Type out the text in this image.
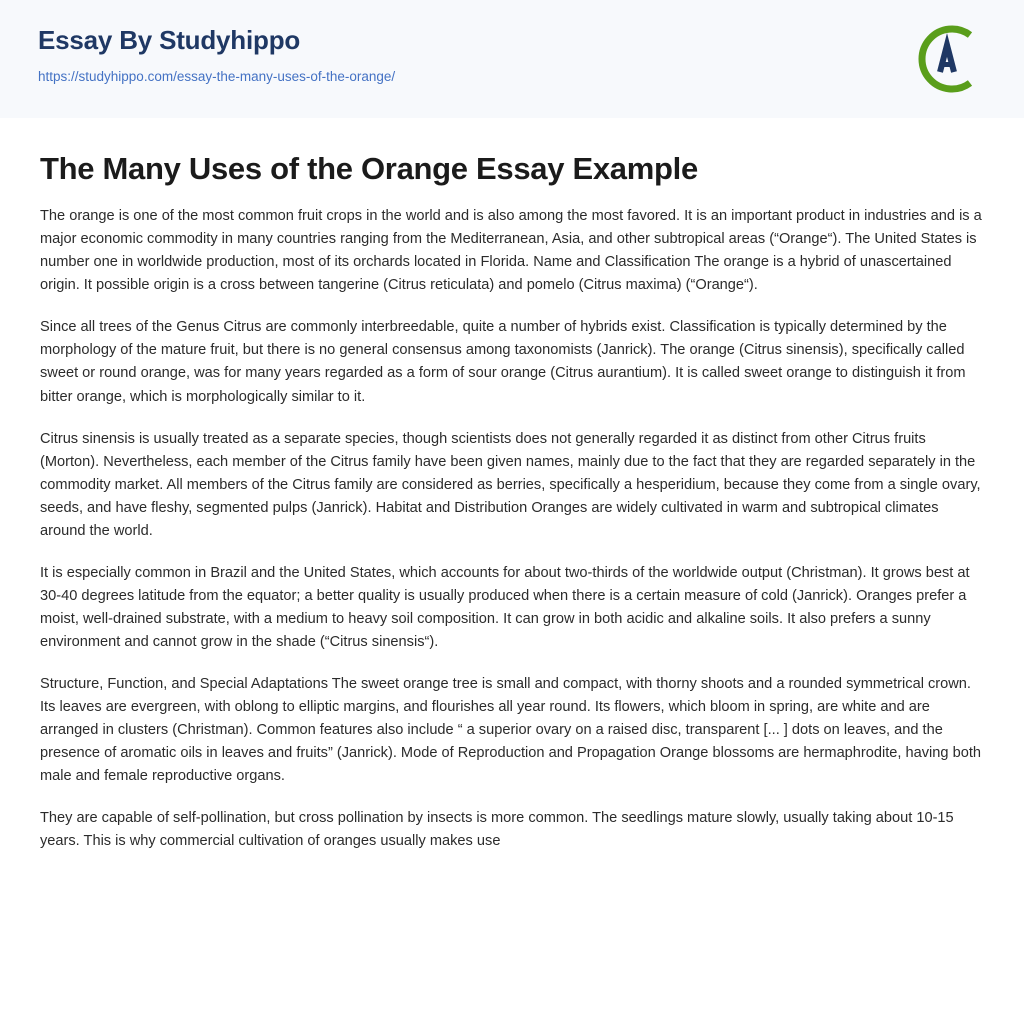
Essay By Studyhippo
https://studyhippo.com/essay-the-many-uses-of-the-orange/
The Many Uses of the Orange Essay Example

The orange is one of the most common fruit crops in the world and is also among the most favored. It is an important product in industries and is a major economic commodity in many countries ranging from the Mediterranean, Asia, and other subtropical areas (“Orange“). The United States is number one in worldwide production, most of its orchards located in Florida. Name and Classification The orange is a hybrid of unascertained origin. It possible origin is a cross between tangerine (Citrus reticulata) and pomelo (Citrus maxima) (“Orange“).

Since all trees of the Genus Citrus are commonly interbreedable, quite a number of hybrids exist. Classification is typically determined by the morphology of the mature fruit, but there is no general consensus among taxonomists (Janrick). The orange (Citrus sinensis), specifically called sweet or round orange, was for many years regarded as a form of sour orange (Citrus aurantium). It is called sweet orange to distinguish it from bitter orange, which is morphologically similar to it.

Citrus sinensis is usually treated as a separate species, though scientists does not generally regarded it as distinct from other Citrus fruits (Morton). Nevertheless, each member of the Citrus family have been given names, mainly due to the fact that they are regarded separately in the commodity market. All members of the Citrus family are considered as berries, specifically a hesperidium, because they come from a single ovary, seeds, and have fleshy, segmented pulps (Janrick). Habitat and Distribution Oranges are widely cultivated in warm and subtropical climates around the world.

It is especially common in Brazil and the United States, which accounts for about two-thirds of the worldwide output (Christman). It grows best at 30-40 degrees latitude from the equator; a better quality is usually produced when there is a certain measure of cold (Janrick). Oranges prefer a moist, well-drained substrate, with a medium to heavy soil composition. It can grow in both acidic and alkaline soils. It also prefers a sunny environment and cannot grow in the shade (“Citrus sinensis“).

Structure, Function, and Special Adaptations The sweet orange tree is small and compact, with thorny shoots and a rounded symmetrical crown. Its leaves are evergreen, with oblong to elliptic margins, and flourishes all year round. Its flowers, which bloom in spring, are white and are arranged in clusters (Christman). Common features also include “ a superior ovary on a raised disc, transparent [... ] dots on leaves, and the presence of aromatic oils in leaves and fruits” (Janrick). Mode of Reproduction and Propagation Orange blossoms are hermaphrodite, having both male and female reproductive organs.

They are capable of self-pollination, but cross pollination by insects is more common. The seedlings mature slowly, usually taking about 10-15 years. This is why commercial cultivation of oranges usually makes use
